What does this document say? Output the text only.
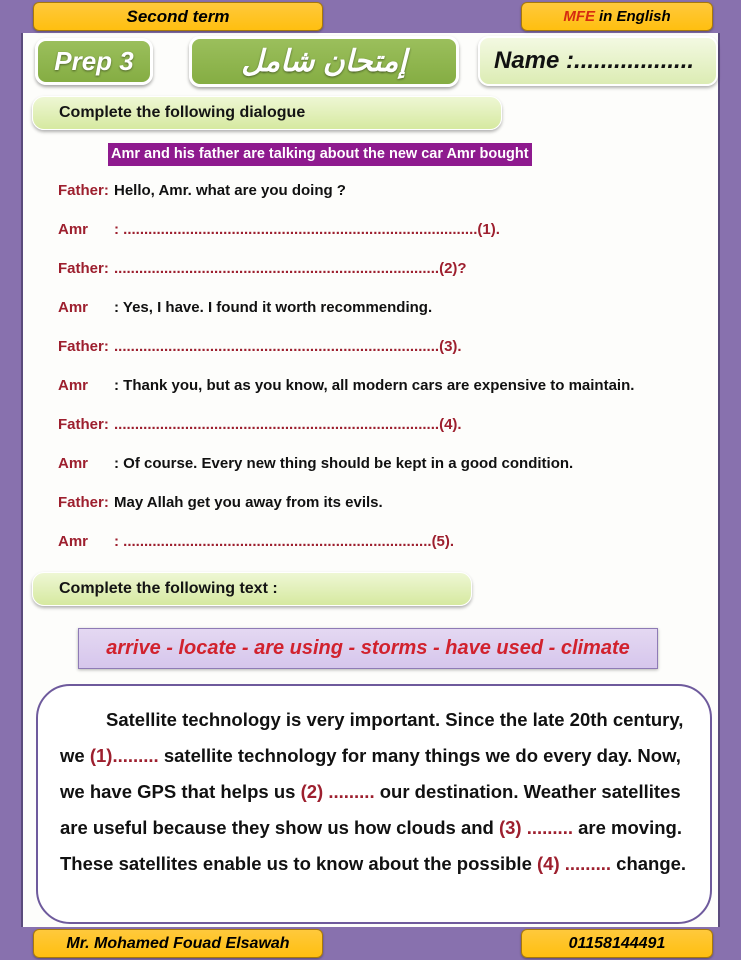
Second term	MFE in English
Prep 3	إمتحان شامل	Name :..................
Complete the following dialogue
Amr and his father are talking about the new car Amr bought
Father: Hello, Amr. what are you doing ?
Amr	: ..................................................................................... (1).
Father: .............................................................................. (2)?
Amr	: Yes, I have. I found it worth recommending.
Father: .............................................................................. (3).
Amr	: Thank you, but as you know, all modern cars are expensive to maintain.
Father: .............................................................................. (4).
Amr	: Of course. Every new thing should be kept in a good condition.
Father: May Allah get you away from its evils.
Amr	: .......................................................................... (5).
Complete the following text :
arrive - locate - are using - storms - have used - climate
Satellite technology is very important. Since the late 20th century, we (1)......... satellite technology for many things we do every day. Now, we have GPS that helps us (2) ......... our destination. Weather satellites are useful because they show us how clouds and (3) ......... are moving. These satellites enable us to know about the possible (4) ......... change.
Mr. Mohamed Fouad Elsawah	01158144491
